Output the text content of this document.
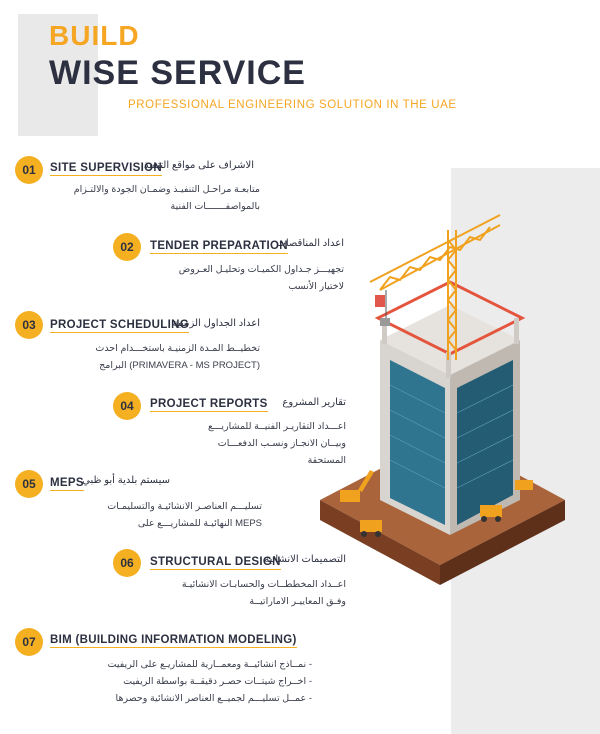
BUILD
WISE SERVICE
PROFESSIONAL ENGINEERING SOLUTION IN THE UAE
01	SITE SUPERVISION
الاشراف على مواقع التنفيذ
متابعـة مراحـل التنفيـذ وضمـان الجودة والالتـزام
بالمواصفـــــــات الفنية
02	TENDER PREPARATION
اعداد المناقصات
تجهيـــز جـداول الكميـات وتحليـل العـروض
لاختيار الأنسب
03	PROJECT SCHEDULING
اعداد الجداول الزمنية
تخطيــط المـدة الزمنيـة باستخـــدام احدث
البرامج (PRIMAVERA - MS PROJECT)
04	PROJECT REPORTS	تقارير المشروع
اعـــداد التقاريـر الفنيــة للمشاريـــع
وبيــان الانجـاز ونسـب الدفعـــات
المستحقة
05	MEPS
سيستم بلدية أبو ظبي
تسليـــم العناصـر الانشائيـة والتسليمـات
النهائيـة للمشاريـــع على MEPS
06	STRUCTURAL DESIGN
التصميمات الانشائية
اعــداد المخططــات والحسابـات الانشائيـة
وفـق المعاييـر الاماراتيــة
07	BIM (BUILDING INFORMATION MODELING)
- نمــاذج انشائيــة ومعمــارية للمشاريـع على الريفيت
- اخــراج شيتــات حصـر دقيقــة بواسطة الريفيت
- عمــل تسليـــم لجميــع العناصر الانشائية وحصرها
